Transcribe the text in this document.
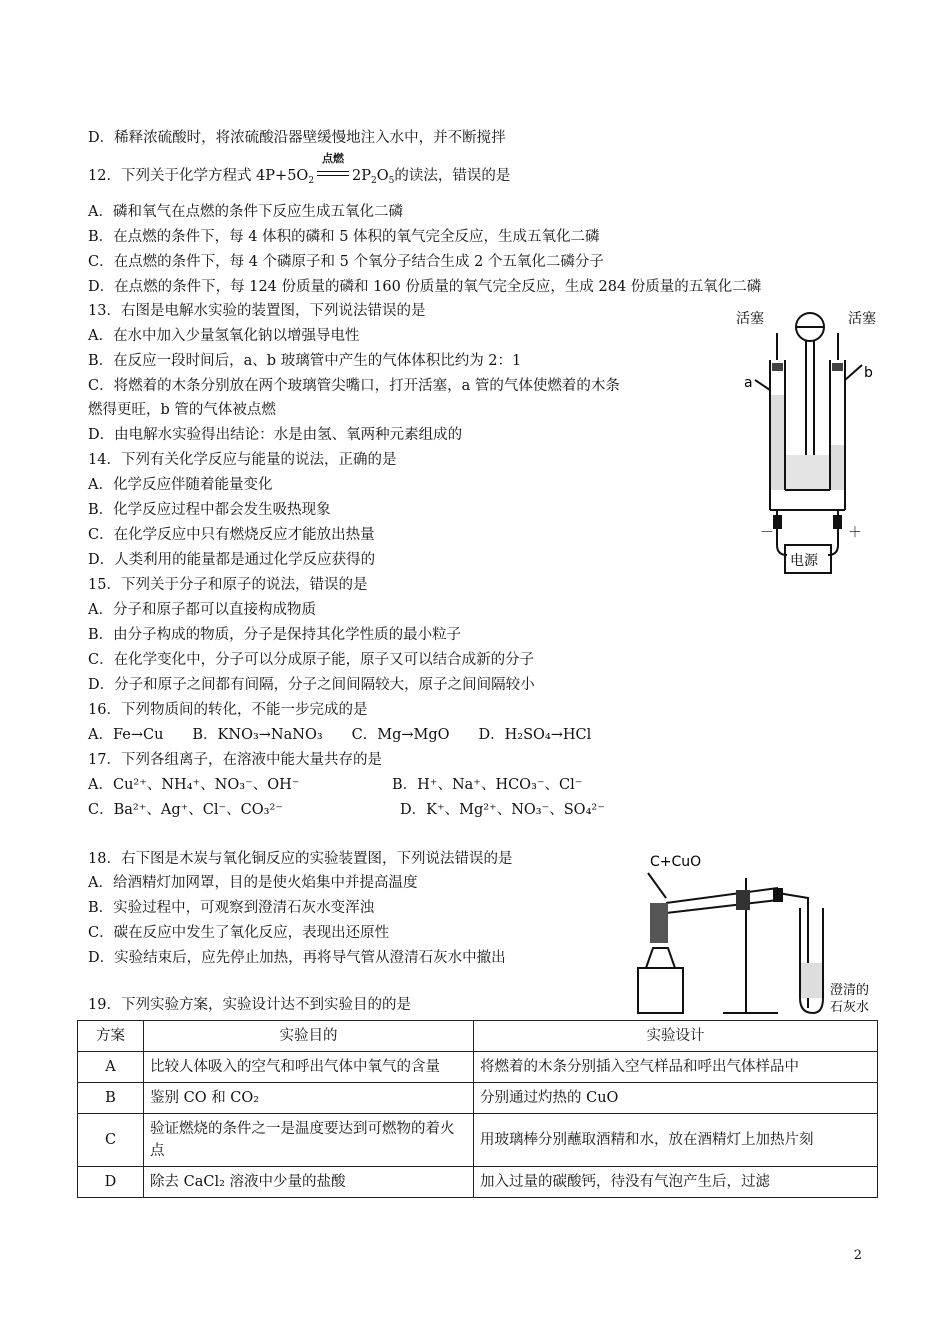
D．稀释浓硫酸时，将浓硫酸沿器壁缓慢地注入水中，并不断搅拌
12．下列关于化学方程式 $4P+5O_2$
点燃
$2P_2O_5$的读法，错误的是
A．磷和氧气在点燃的条件下反应生成五氧化二磷
B．在点燃的条件下，每 4 体积的磷和 5 体积的氧气完全反应，生成五氧化二磷
C．在点燃的条件下，每 4 个磷原子和 5 个氧分子结合生成 2 个五氧化二磷分子
D．在点燃的条件下，每 124 份质量的磷和 160 份质量的氧气完全反应，生成 284 份质量的五氧化二磷
13．右图是电解水实验的装置图，下列说法错误的是
A．在水中加入少量氢氧化钠以增强导电性
B．在反应一段时间后，a、b 玻璃管中产生的气体体积比约为 2：1
C．将燃着的木条分别放在两个玻璃管尖嘴口，打开活塞，a 管的气体使燃着的木条
燃得更旺，b 管的气体被点燃
D．由电解水实验得出结论：水是由氢、氧两种元素组成的
14．下列有关化学反应与能量的说法，正确的是
A．化学反应伴随着能量变化
B．化学反应过程中都会发生吸热现象
C．在化学反应中只有燃烧反应才能放出热量
D．人类利用的能量都是通过化学反应获得的
15．下列关于分子和原子的说法，错误的是
A．分子和原子都可以直接构成物质
B．由分子构成的物质，分子是保持其化学性质的最小粒子
C．在化学变化中，分子可以分成原子能，原子又可以结合成新的分子
D．分子和原子之间都有间隔，分子之间间隔较大，原子之间间隔较小
16．下列物质间的转化，不能一步完成的是
A．Fe→Cu　　B．KNO₃→NaNO₃　　C．Mg→MgO　　D．H₂SO₄→HCl
17．下列各组离子，在溶液中能大量共存的是
A．Cu²⁺、NH₄⁺、NO₃⁻、OH⁻	B．H⁺、Na⁺、HCO₃⁻、Cl⁻
C．Ba²⁺、Ag⁺、Cl⁻、CO₃²⁻	D．K⁺、Mg²⁺、NO₃⁻、SO₄²⁻
18．右下图是木炭与氧化铜反应的实验装置图，下列说法错误的是
A．给酒精灯加网罩，目的是使火焰集中并提高温度
B．实验过程中，可观察到澄清石灰水变浑浊
C．碳在反应中发生了氧化反应，表现出还原性
D．实验结束后，应先停止加热，再将导气管从澄清石灰水中撤出
19．下列实验方案，实验设计达不到实验目的的是
活塞	活塞
a
b
－	＋
电源
C+CuO
澄清的
石灰水
方案	实验目的	实验设计
A	比较人体吸入的空气和呼出气体中氧气的含量	将燃着的木条分别插入空气样品和呼出气体样品中
B	鉴别 CO 和 CO₂	分别通过灼热的 CuO
C	验证燃烧的条件之一是温度要达到可燃物的着火点	用玻璃棒分别蘸取酒精和水，放在酒精灯上加热片刻
D	除去 CaCl₂ 溶液中少量的盐酸	加入过量的碳酸钙，待没有气泡产生后，过滤
2
